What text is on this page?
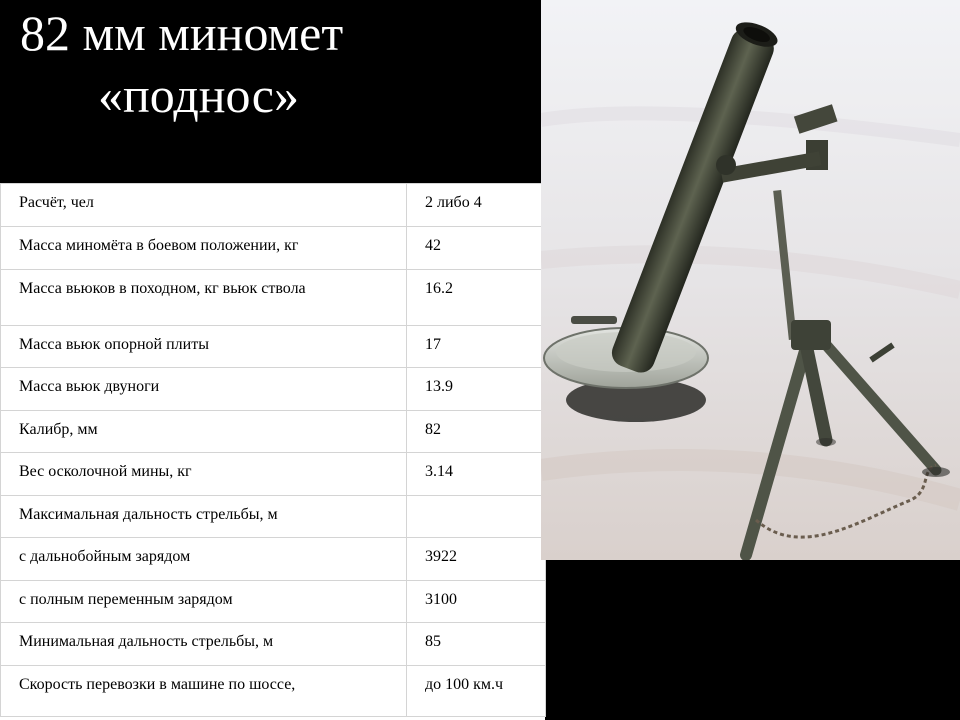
82 мм миномет
«поднос»
Расчёт, чел	2 либо 4
Масса миномёта в боевом положении, кг	42
Масса вьюков в походном, кг вьюк ствола	16.2
Масса вьюк опорной плиты	17
Масса вьюк двуноги	13.9
Калибр, мм	82
Вес осколочной мины, кг	3.14
Максимальная дальность стрельбы, м	
с дальнобойным зарядом	3922
с полным переменным зарядом	3100
Минимальная дальность стрельбы, м	85
Скорость перевозки в машине по шоссе,	до 100 км.ч
